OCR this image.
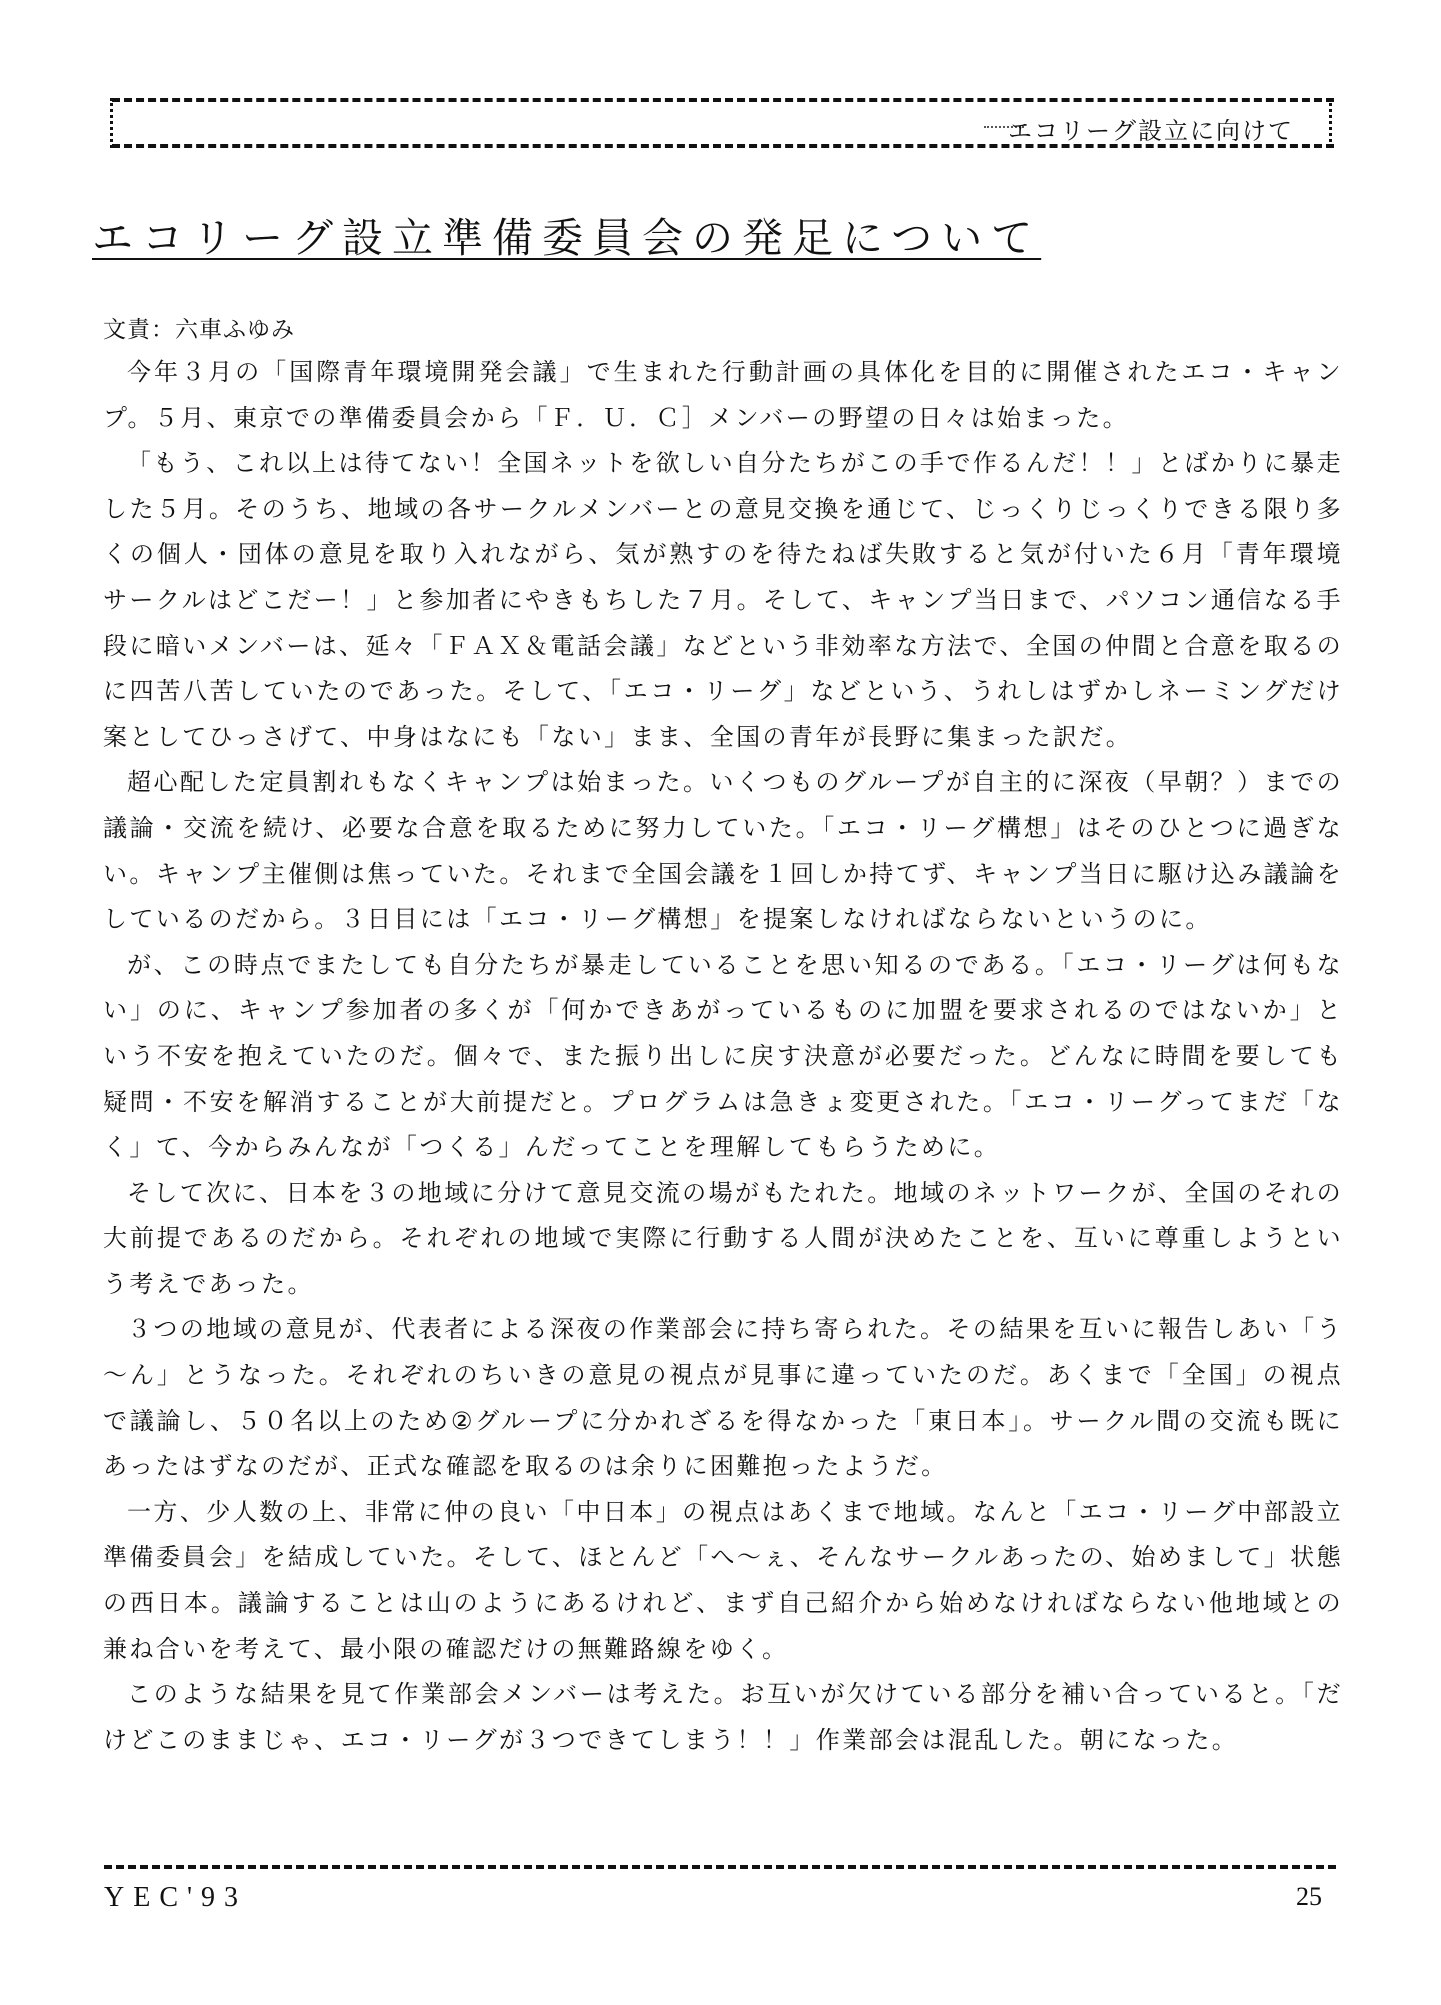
エコリーグ設立に向けて
エコリーグ設立準備委員会の発足について
文責：六車ふゆみ

今年３月の「国際青年環境開発会議」で生まれた行動計画の具体化を目的に開催されたエコ・キャンプ。５月、東京での準備委員会から「Ｆ．Ｕ．Ｃ］メンバーの野望の日々は始まった。

「もう、これ以上は待てない！全国ネットを欲しい自分たちがこの手で作るんだ！！」とばかりに暴走した５月。そのうち、地域の各サークルメンバーとの意見交換を通じて、じっくりじっくりできる限り多くの個人・団体の意見を取り入れながら、気が熟すのを待たねば失敗すると気が付いた６月「青年環境サークルはどこだー！」と参加者にやきもちした７月。そして、キャンプ当日まで、パソコン通信なる手段に暗いメンバーは、延々「ＦＡＸ＆電話会議」などという非効率な方法で、全国の仲間と合意を取るのに四苦八苦していたのであった。そして、「エコ・リーグ」などという、うれしはずかしネーミングだけ案としてひっさげて、中身はなにも「ない」まま、全国の青年が長野に集まった訳だ。

超心配した定員割れもなくキャンプは始まった。いくつものグループが自主的に深夜（早朝？）までの議論・交流を続け、必要な合意を取るために努力していた。「エコ・リーグ構想」はそのひとつに過ぎない。キャンプ主催側は焦っていた。それまで全国会議を１回しか持てず、キャンプ当日に駆け込み議論をしているのだから。３日目には「エコ・リーグ構想」を提案しなければならないというのに。

が、この時点でまたしても自分たちが暴走していることを思い知るのである。「エコ・リーグは何もない」のに、キャンプ参加者の多くが「何かできあがっているものに加盟を要求されるのではないか」という不安を抱えていたのだ。個々で、また振り出しに戻す決意が必要だった。どんなに時間を要しても疑問・不安を解消することが大前提だと。プログラムは急きょ変更された。「エコ・リーグってまだ「なく」て、今からみんなが「つくる」んだってことを理解してもらうために。

そして次に、日本を３の地域に分けて意見交流の場がもたれた。地域のネットワークが、全国のそれの大前提であるのだから。それぞれの地域で実際に行動する人間が決めたことを、互いに尊重しようという考えであった。

３つの地域の意見が、代表者による深夜の作業部会に持ち寄られた。その結果を互いに報告しあい「う～ん」とうなった。それぞれのちいきの意見の視点が見事に違っていたのだ。あくまで「全国」の視点で議論し、５０名以上のため②グループに分かれざるを得なかった「東日本」。サークル間の交流も既にあったはずなのだが、正式な確認を取るのは余りに困難抱ったようだ。

一方、少人数の上、非常に仲の良い「中日本」の視点はあくまで地域。なんと「エコ・リーグ中部設立準備委員会」を結成していた。そして、ほとんど「へ～ぇ、そんなサークルあったの、始めまして」状態の西日本。議論することは山のようにあるけれど、まず自己紹介から始めなければならない他地域との兼ね合いを考えて、最小限の確認だけの無難路線をゆく。

このような結果を見て作業部会メンバーは考えた。お互いが欠けている部分を補い合っていると。「だけどこのままじゃ、エコ・リーグが３つできてしまう！！」作業部会は混乱した。朝になった。

YEC'93	25
